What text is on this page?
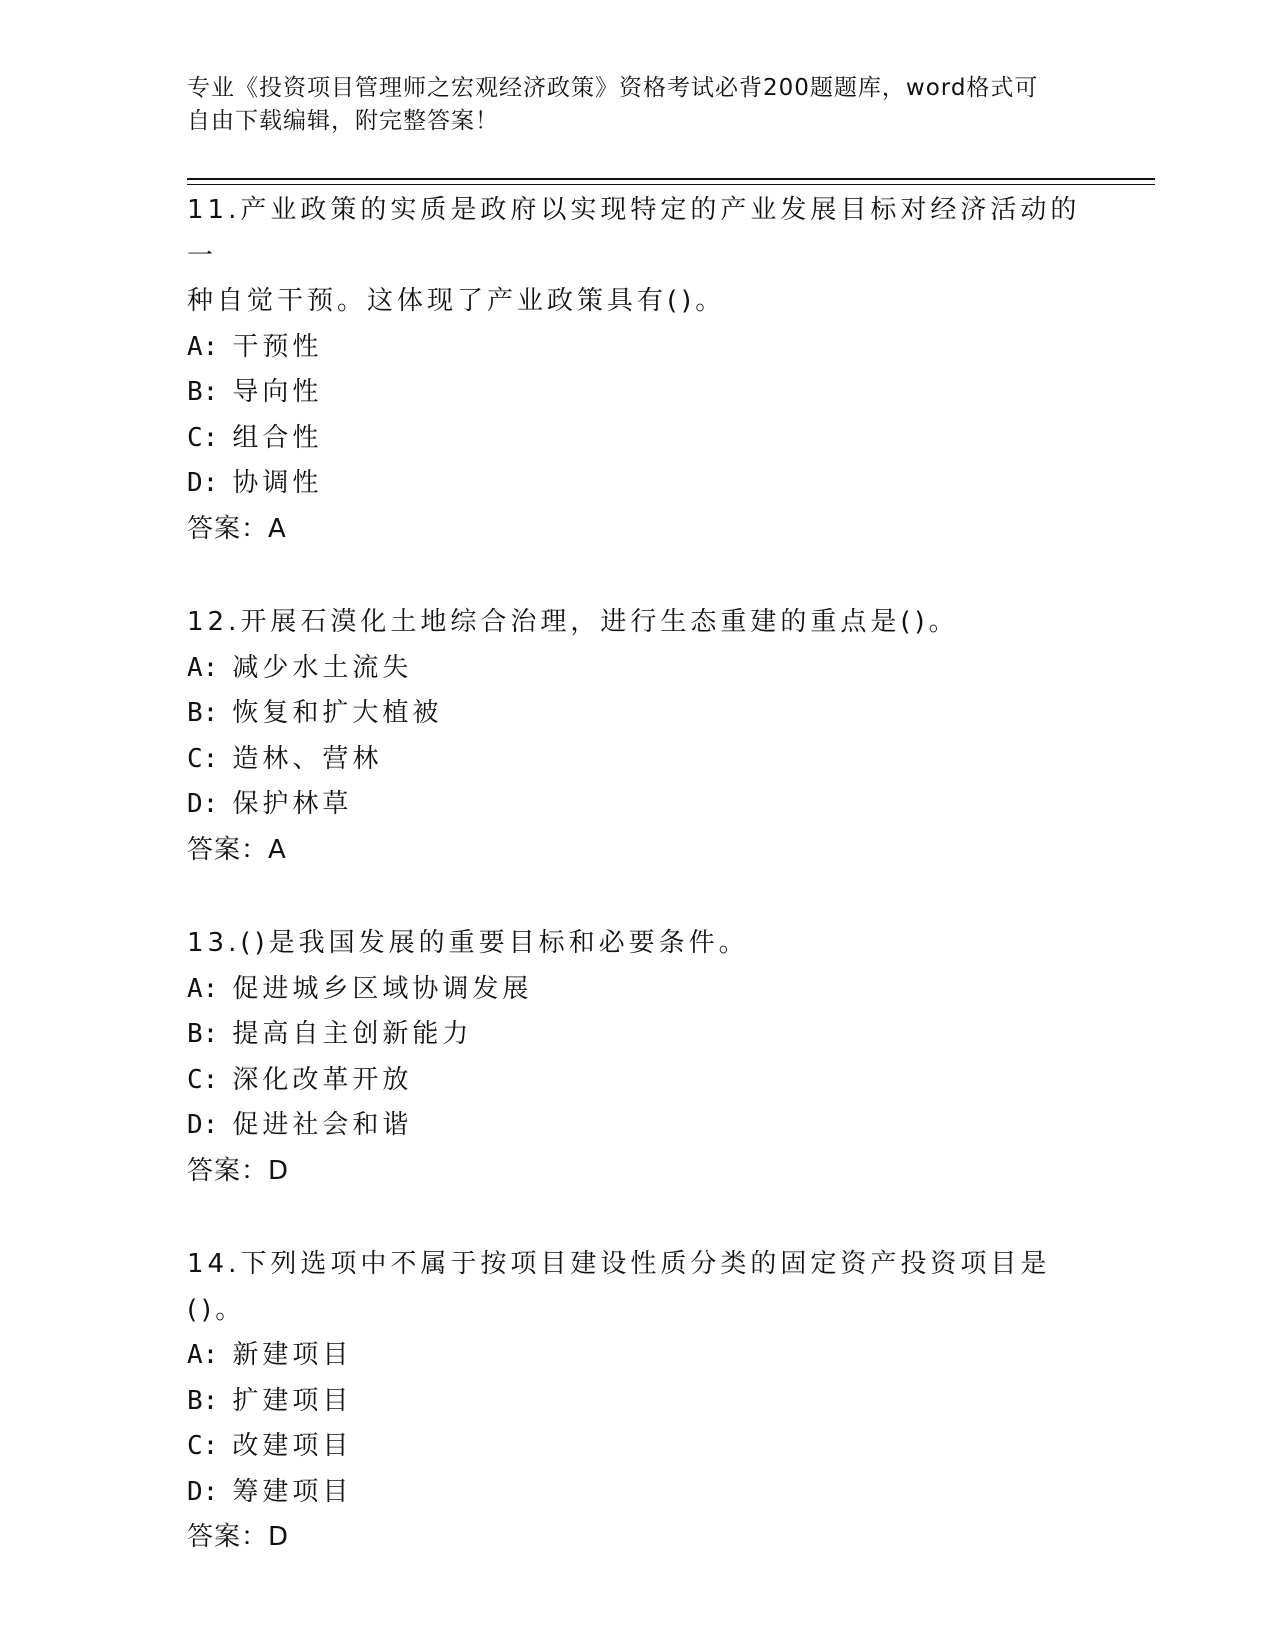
专业《投资项目管理师之宏观经济政策》资格考试必背200题题库，word格式可
自由下载编辑，附完整答案！
11.产业政策的实质是政府以实现特定的产业发展目标对经济活动的一
种自觉干预。这体现了产业政策具有()。
A: 干预性
B: 导向性
C: 组合性
D: 协调性
答案：A
12.开展石漠化土地综合治理，进行生态重建的重点是()。
A: 减少水土流失
B: 恢复和扩大植被
C: 造林、营林
D: 保护林草
答案：A
13.()是我国发展的重要目标和必要条件。
A: 促进城乡区域协调发展
B: 提高自主创新能力
C: 深化改革开放
D: 促进社会和谐
答案：D
14.下列选项中不属于按项目建设性质分类的固定资产投资项目是()。
A: 新建项目
B: 扩建项目
C: 改建项目
D: 筹建项目
答案：D
